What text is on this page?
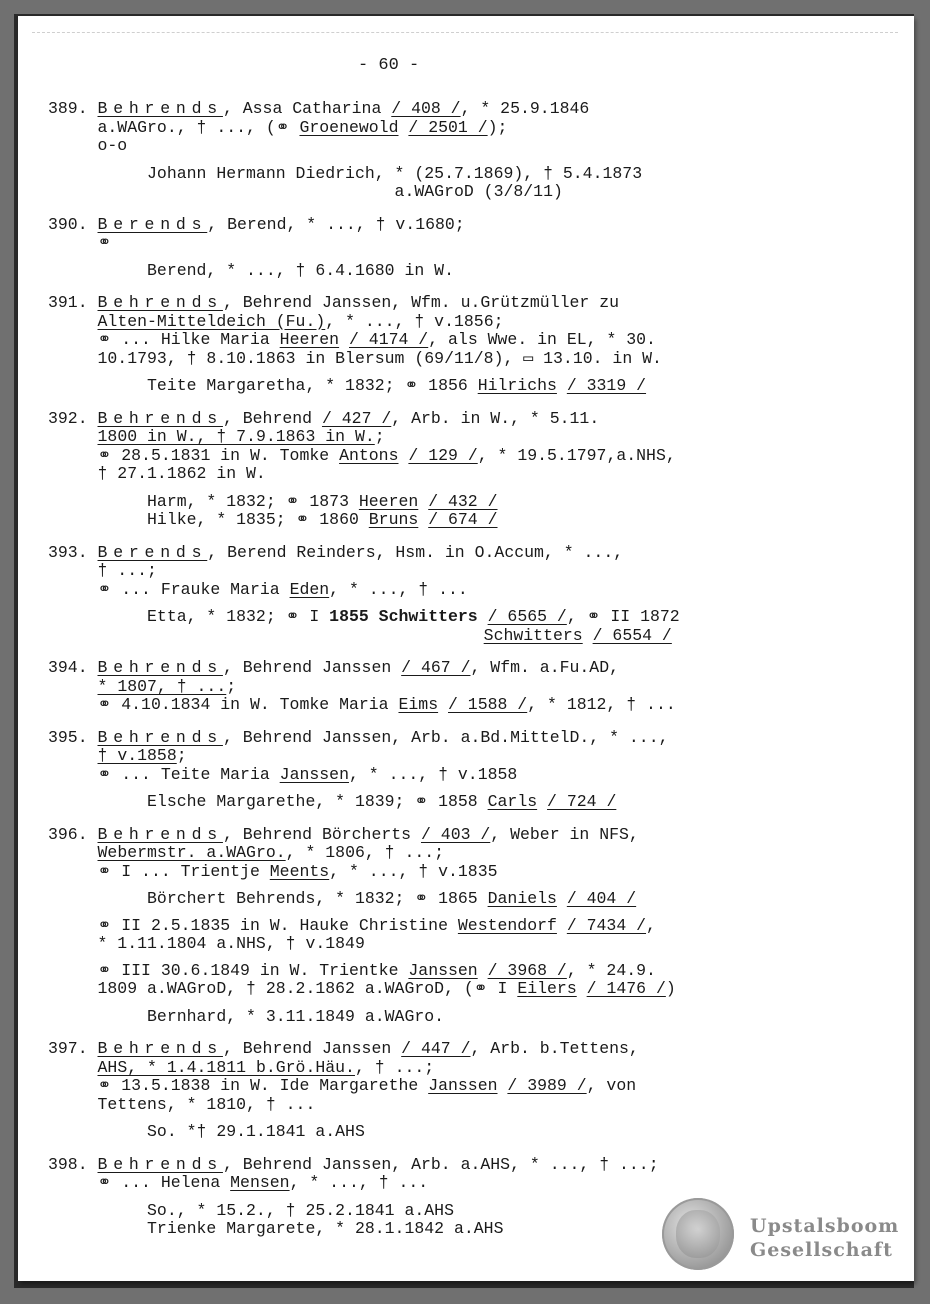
- 60 -
389. Behrends, Assa Catharina / 408 /, * 25.9.1846
a.WAGro., † ..., (⚭ Groenewold / 2501 /);
o-o
Johann Hermann Diedrich, * (25.7.1869), † 5.4.1873
a.WAGroD (3/8/11)
390. Berends, Berend, * ..., † v.1680;
⚭
Berend, * ..., † 6.4.1680 in W.
391. Behrends, Behrend Janssen, Wfm. u.Grützmüller zu
Alten-Mitteldeich (Fu.), * ..., † v.1856;
⚭ ... Hilke Maria Heeren / 4174 /, als Wwe. in EL, * 30.
10.1793, † 8.10.1863 in Blersum (69/11/8), ▭ 13.10. in W.
Teite Margaretha, * 1832; ⚭ 1856 Hilrichs / 3319 /
392. Behrends, Behrend / 427 /, Arb. in W., * 5.11.
1800 in W., † 7.9.1863 in W.;
⚭ 28.5.1831 in W. Tomke Antons / 129 /, * 19.5.1797,a.NHS,
† 27.1.1862 in W.
Harm, * 1832; ⚭ 1873 Heeren / 432 /
Hilke, * 1835; ⚭ 1860 Bruns / 674 /
393. Berends, Berend Reinders, Hsm. in O.Accum, * ...,
† ...;
⚭ ... Frauke Maria Eden, * ..., † ...
Etta, * 1832; ⚭ I 1855 Schwitters / 6565 /, ⚭ II 1872
Schwitters / 6554 /
394. Behrends, Behrend Janssen / 467 /, Wfm. a.Fu.AD,
* 1807, † ...;
⚭ 4.10.1834 in W. Tomke Maria Eims / 1588 /, * 1812, † ...
395. Behrends, Behrend Janssen, Arb. a.Bd.MittelD., * ...,
† v.1858;
⚭ ... Teite Maria Janssen, * ..., † v.1858
Elsche Margarethe, * 1839; ⚭ 1858 Carls / 724 /
396. Behrends, Behrend Börcherts / 403 /, Weber in NFS,
Webermstr. a.WAGro., * 1806, † ...;
⚭ I ... Trientje Meents, * ..., † v.1835
Börchert Behrends, * 1832; ⚭ 1865 Daniels / 404 /
⚭ II 2.5.1835 in W. Hauke Christine Westendorf / 7434 /,
* 1.11.1804 a.NHS, † v.1849
⚭ III 30.6.1849 in W. Trientke Janssen / 3968 /, * 24.9.
1809 a.WAGroD, † 28.2.1862 a.WAGroD, (⚭ I Eilers / 1476 /)
Bernhard, * 3.11.1849 a.WAGro.
397. Behrends, Behrend Janssen / 447 /, Arb. b.Tettens,
AHS, * 1.4.1811 b.Grö.Häu., † ...;
⚭ 13.5.1838 in W. Ide Margarethe Janssen / 3989 /, von
Tettens, * 1810, † ...
So. *† 29.1.1841 a.AHS
398. Behrends, Behrend Janssen, Arb. a.AHS, * ..., † ...;
⚭ ... Helena Mensen, * ..., † ...
So., * 15.2., † 25.2.1841 a.AHS
Trienke Margarete, * 28.1.1842 a.AHS	Upstalsboom
Gesellschaft
